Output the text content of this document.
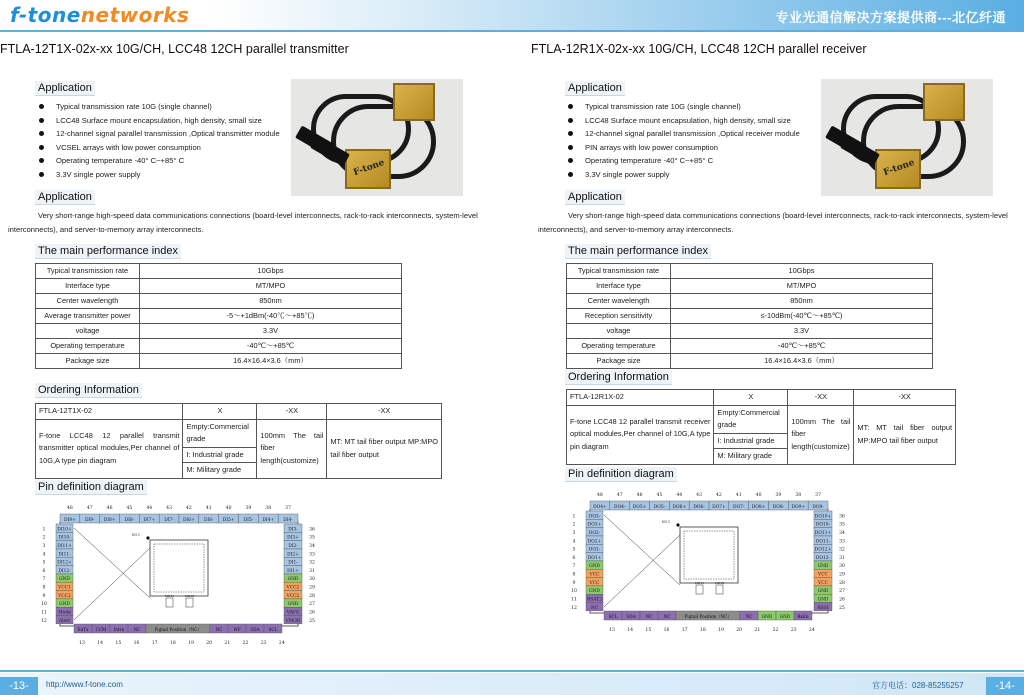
f-tonenetworks	专业光通信解决方案提供商---北亿纤通
FTLA-12T1X-02x-xx 10G/CH, LCC48 12CH parallel transmitter
Application
Typical transmission rate 10G (single channel)
LCC48 Surface mount encapsulation, high density, small size
12-channel signal parallel transmission ,Optical transmitter module
VCSEL arrays with low power consumption
Operating temperature -40° C~+85° C
3.3V single power supply	F-tone
Application
Very short-range high-speed data communications connections (board-level interconnects, rack-to-rack interconnects, system-level interconnects), and server-to-memory array interconnects.
The main performance index
Typical transmission rate	10Gbps
Interface type	MT/MPO
Center wavelength	850nm
Average transmitter power	-5～+1dBm(-40℃～+85℃)
voltage	3.3V
Operating temperature	-40℃～+85℃
Package size	16.4×16.4×3.6（mm）
Ordering Information
FTLA-12T1X-02	X	-XX	-XX
F-tone LCC48 12 parallel transmit transmitter optical modules,Per channel of 10G,A type pin diagram	Empty:Commercial grade	100mm The tail fiber length(customize)	MT: MT tail fiber output MP:MPO tail fiber output
	I: Industrial grade		
	M: Military grade		
Pin definition diagram
DI9+
48
DI9-
47
DI8+
46
DI8-
45
DI7+
44
DI7-
43
DI6+
42
DI6-
41
DI5+
40
DI5-
39
DI4+
38
DI4-
37
DI10+
1
DI10-
2
DI11+
3
DI11-
4
DI12+
5
DI12-
6
GND
7
VCC1
8
VCC2
9
GND
10
Mode
11
Alert
12
DI3- 36
DI3+ 35
DI2- 34
DI2+ 33
DI1- 32
DI1+ 31
GND 30
VCC2 29
VCC2 28
GND 27
VAVG 26
VMOD 25
EnTx CCM Intrn NC	Pigtail Position（NC）	NC	WP SDA SCL
13	14	15	16	17	18	19	20	21	22	23	24
MHT1	MHT2
NO.1
FTLA-12R1X-02x-xx 10G/CH, LCC48 12CH parallel receiver
Application
Typical transmission rate 10G (single channel)
LCC48 Surface mount encapsulation, high density, small size
12-channel signal parallel transmission ,Optical receiver module
PIN arrays with low power consumption
Operating temperature -40° C~+85° C
3.3V single power supply	F-tone
Application
Very short-range high-speed data communications connections (board-level interconnects, rack-to-rack interconnects, system-level interconnects), and server-to-memory array interconnects.
The main performance index
Typical transmission rate	10Gbps
Interface type	MT/MPO
Center wavelength	850nm
Reception sensitivity	≤-10dBm(-40℃～+85℃)
voltage	3.3V
Operating temperature	-40℃～+85℃
Package size	16.4×16.4×3.6（mm）
Ordering Information
FTLA-12R1X-02	X	-XX	-XX
F-tone LCC48 12 parallel transmit receiver optical modules,Per channel of 10G,A type pin diagram	Empty:Commercial grade	100mm The tail fiber length(customize)	MT: MT tail fiber output MP:MPO tail fiber output
	I: Industrial grade		
	M: Military grade		
Pin definition diagram
DO4+
48
DO4-
47
DO5+
46
DO5-
45
DO6+
44
DO6-
43
DO7+
42
DO7-
41
DO8+
40
DO8-
39
DO9+
38
DO9-
37
DO3-
1
DO3+
2
DO2-
3
DO2+
4
DO1-
5
DO1+
6
GND
7
VCC
8
VCC
9
GND
10
RSAT2
11
NC
12
DO10+ 36
DO10- 35
DO11+ 34
DO11- 33
DO12+ 32
DO12- 31
GND 30
VCC 29
VCC 28
GND 27
GND 26
RSSI 25
SCL SDA NC	NC	Pigtail Position（NC）	NC GND GND RxEn
13	14	15	16	17	18	19	20	21	22	23	24
MHT1	MHT2
NO.1
-13-	http://www.f-tone.com	官方电话：028-85255257	-14-
